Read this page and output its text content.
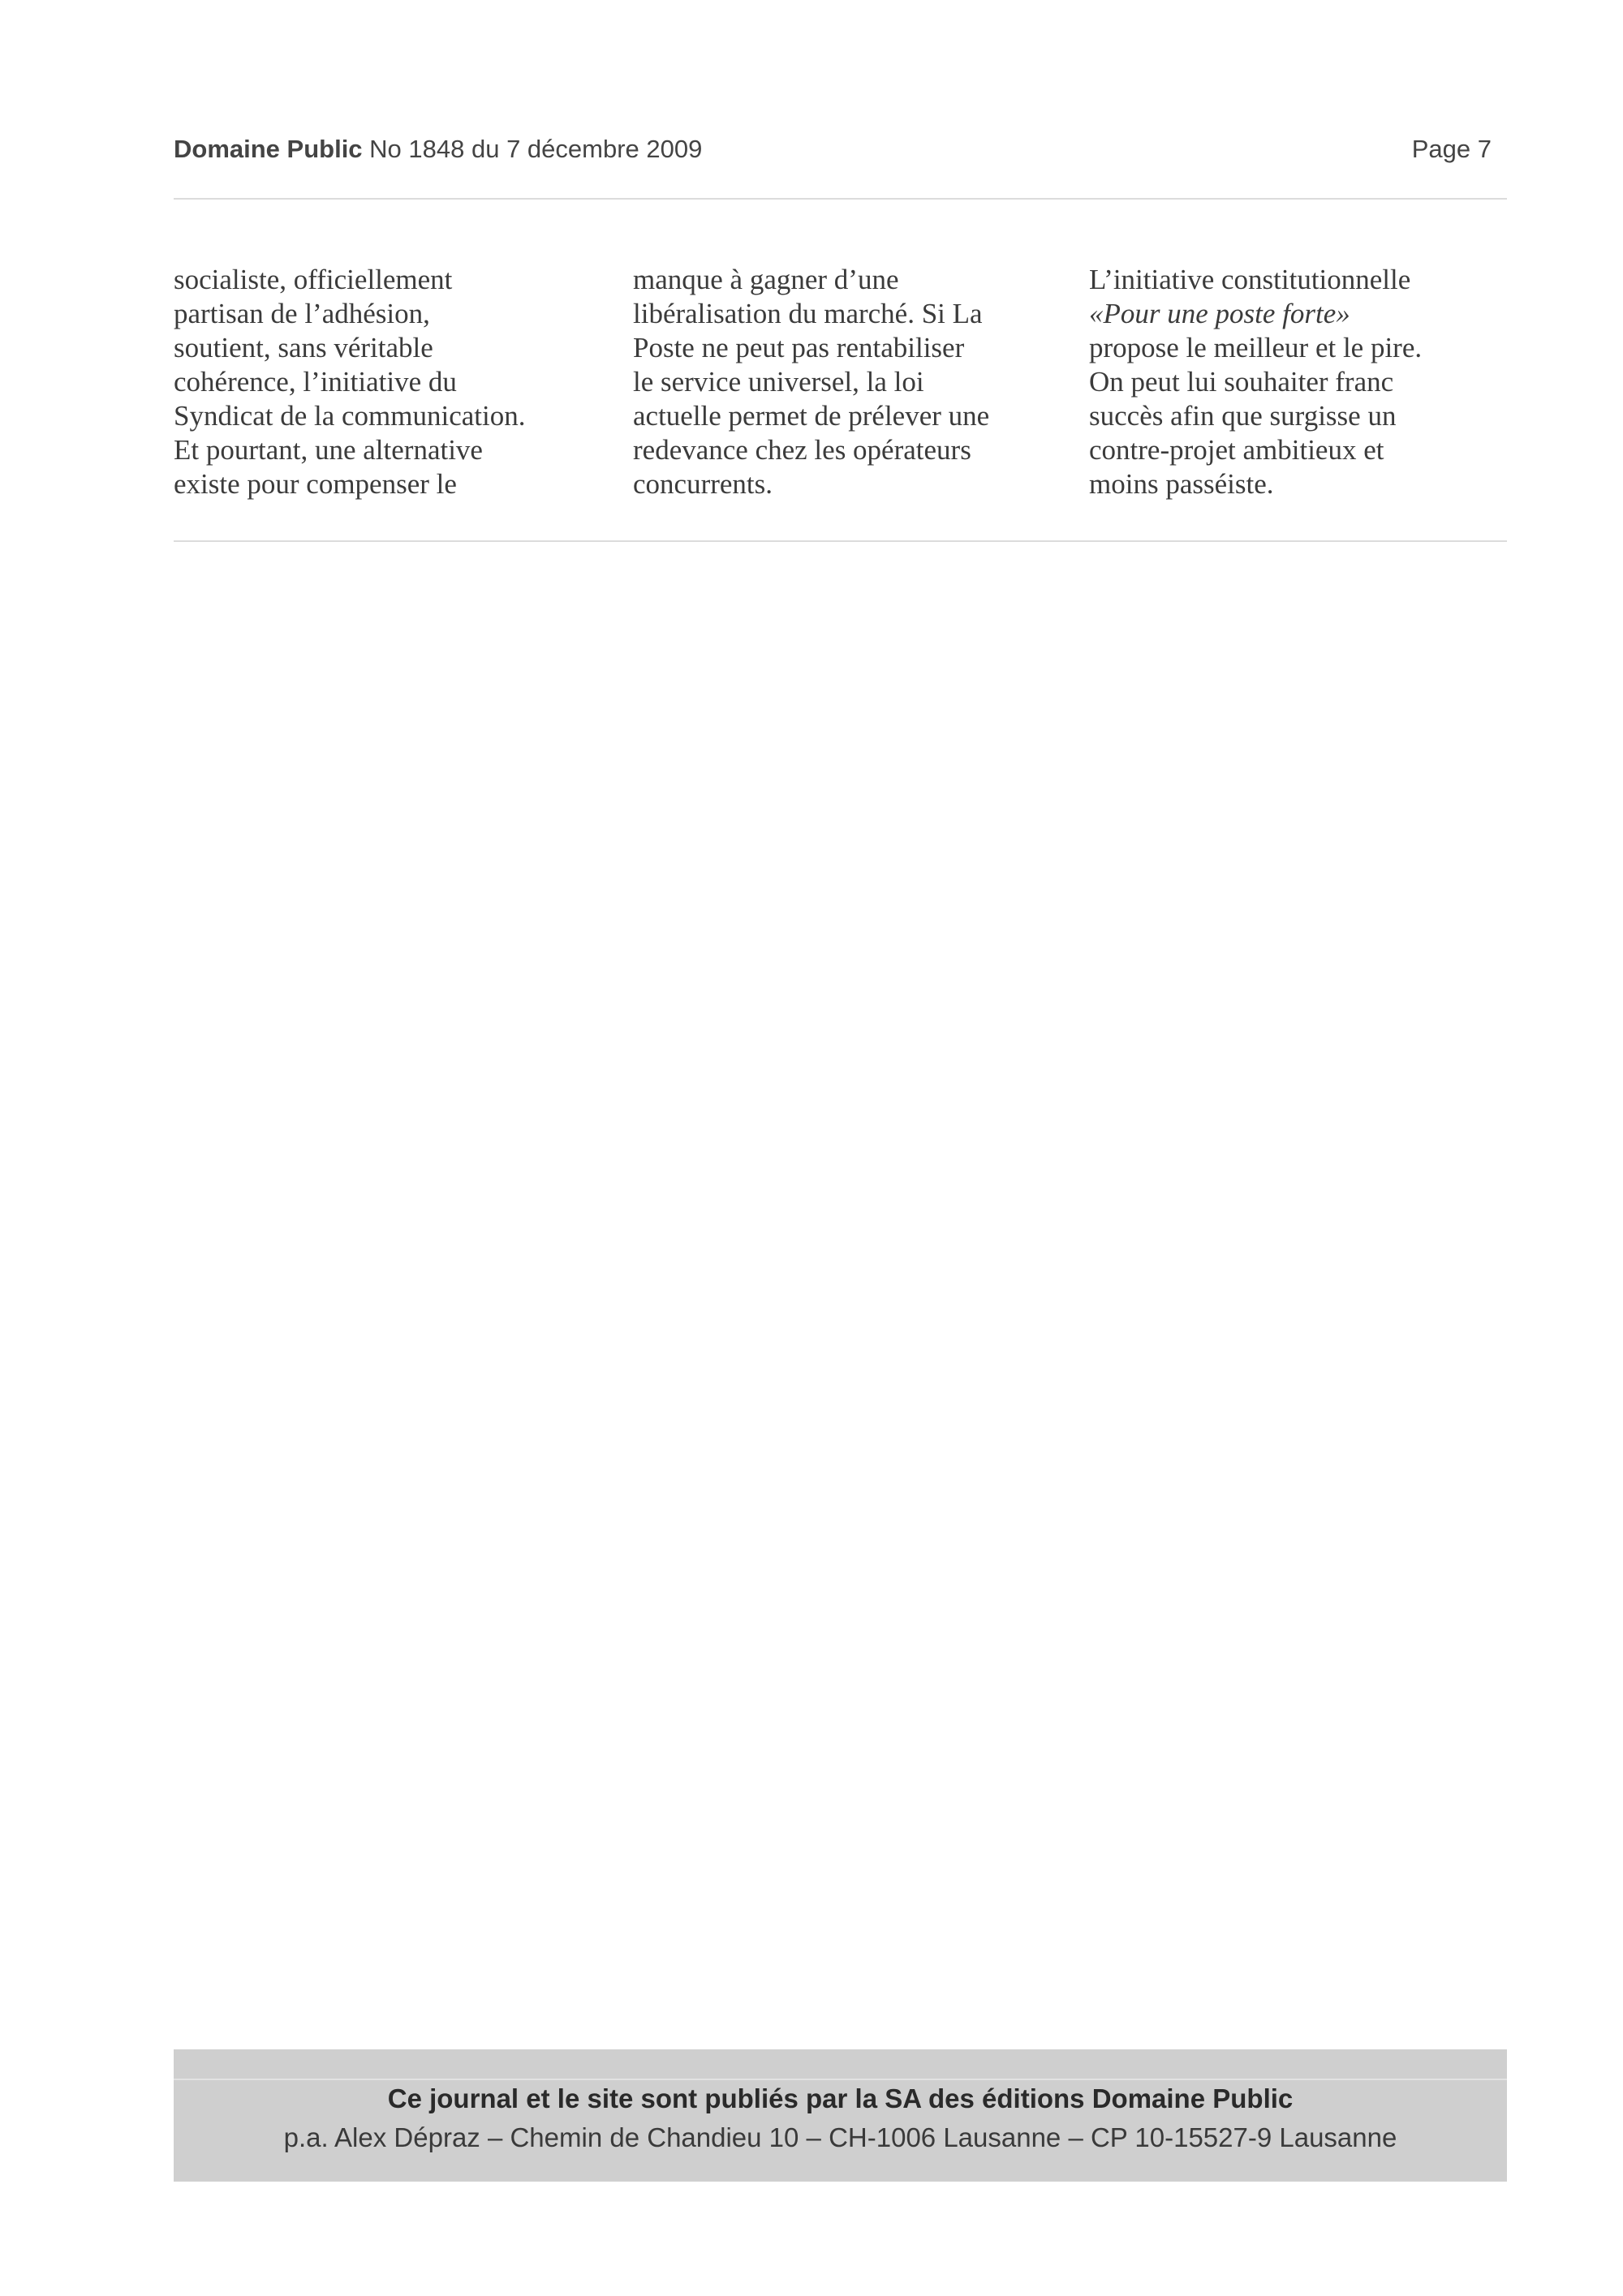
Domaine Public No 1848 du 7 décembre 2009	Page 7
socialiste, officiellement
partisan de l’adhésion,
soutient, sans véritable
cohérence, l’initiative du
Syndicat de la communication.
Et pourtant, une alternative
existe pour compenser le
manque à gagner d’une
libéralisation du marché. Si La
Poste ne peut pas rentabiliser
le service universel, la loi
actuelle permet de prélever une
redevance chez les opérateurs
concurrents.
L’initiative constitutionnelle
«Pour une poste forte»
propose le meilleur et le pire.
On peut lui souhaiter franc
succès afin que surgisse un
contre-projet ambitieux et
moins passéiste.
Ce journal et le site sont publiés par la SA des éditions Domaine Public
p.a. Alex Dépraz – Chemin de Chandieu 10 – CH-1006 Lausanne – CP 10-15527-9 Lausanne
